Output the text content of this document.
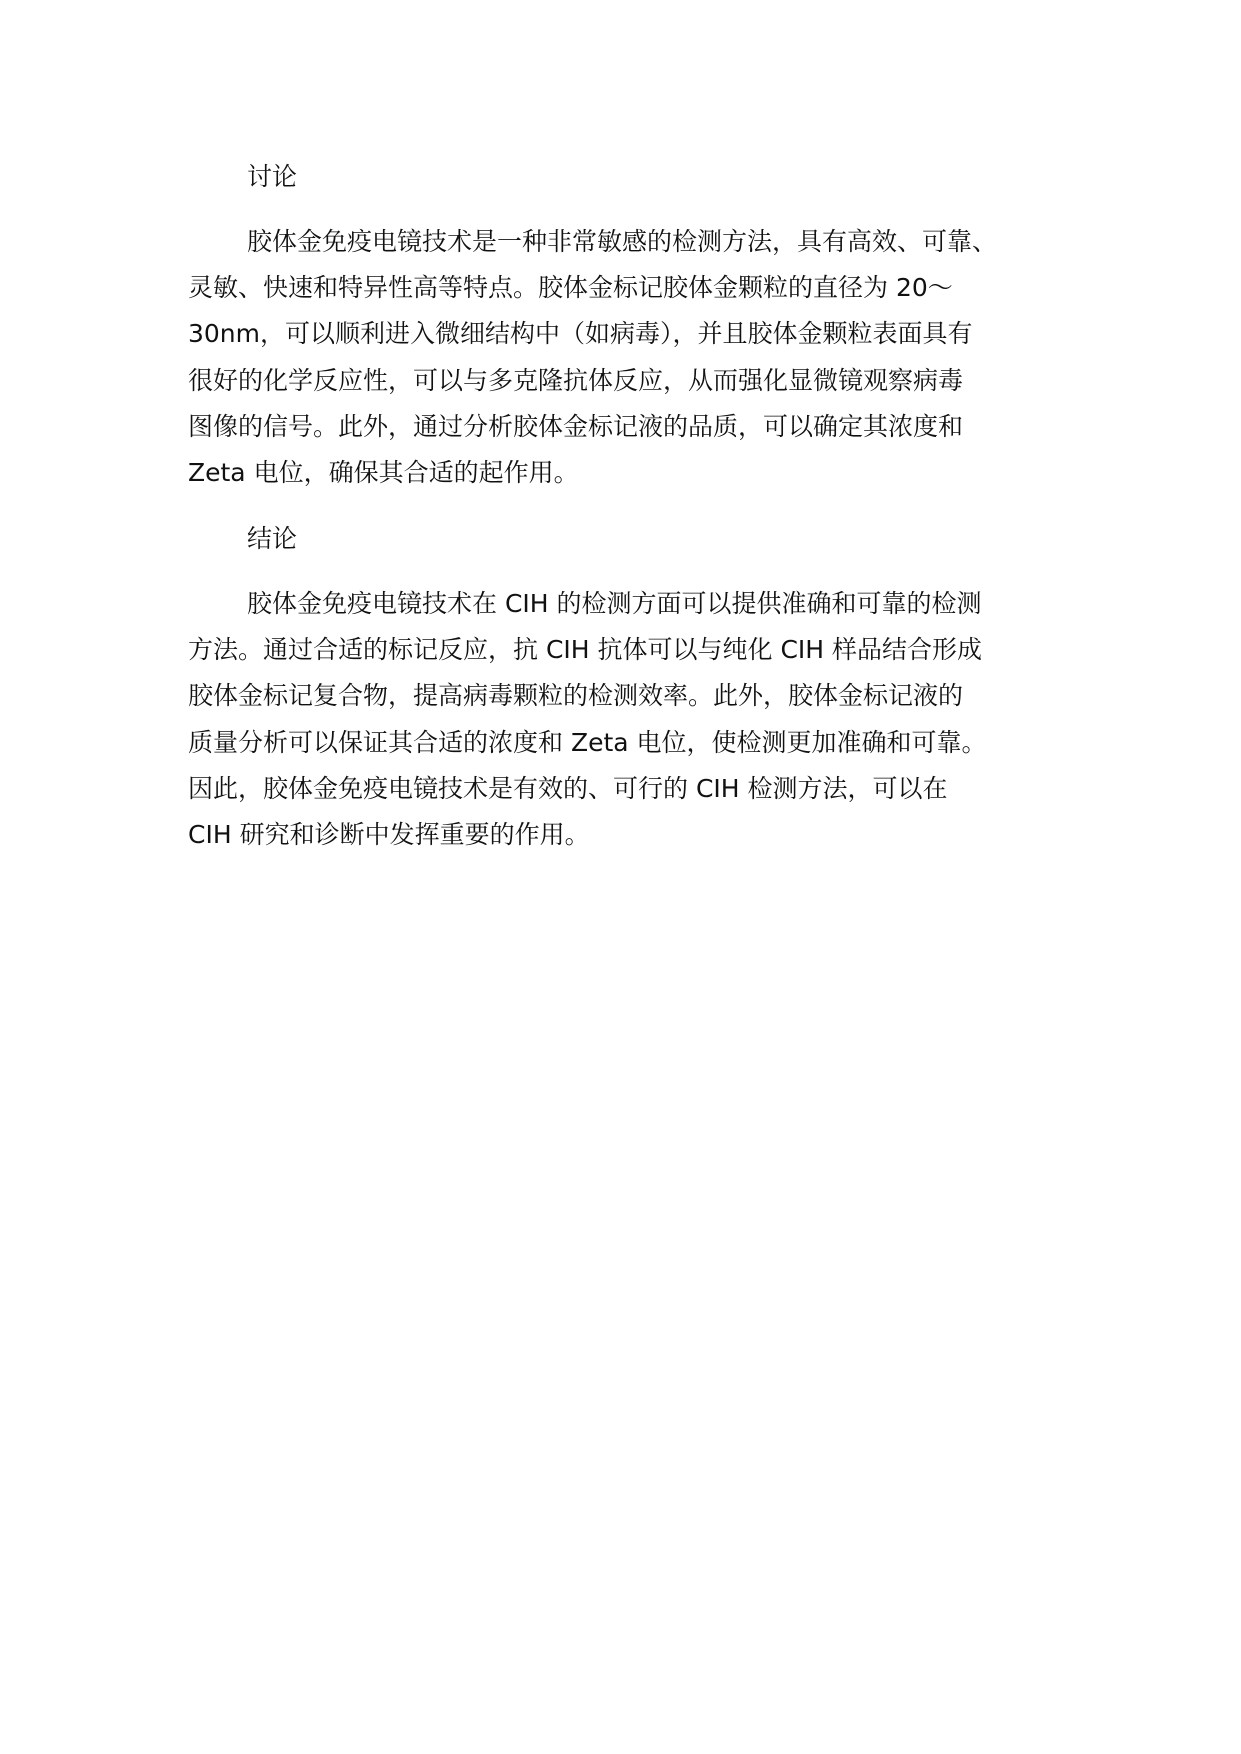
讨论
胶体金免疫电镜技术是一种非常敏感的检测方法，具有高效、可靠、
灵敏、快速和特异性高等特点。胶体金标记胶体金颗粒的直径为 20～
30nm，可以顺利进入微细结构中（如病毒），并且胶体金颗粒表面具有
很好的化学反应性，可以与多克隆抗体反应，从而强化显微镜观察病毒
图像的信号。此外，通过分析胶体金标记液的品质，可以确定其浓度和
Zeta 电位，确保其合适的起作用。
结论
胶体金免疫电镜技术在 CIH 的检测方面可以提供准确和可靠的检测
方法。通过合适的标记反应，抗 CIH 抗体可以与纯化 CIH 样品结合形成
胶体金标记复合物，提高病毒颗粒的检测效率。此外，胶体金标记液的
质量分析可以保证其合适的浓度和 Zeta 电位，使检测更加准确和可靠。
因此，胶体金免疫电镜技术是有效的、可行的 CIH 检测方法，可以在
CIH 研究和诊断中发挥重要的作用。
